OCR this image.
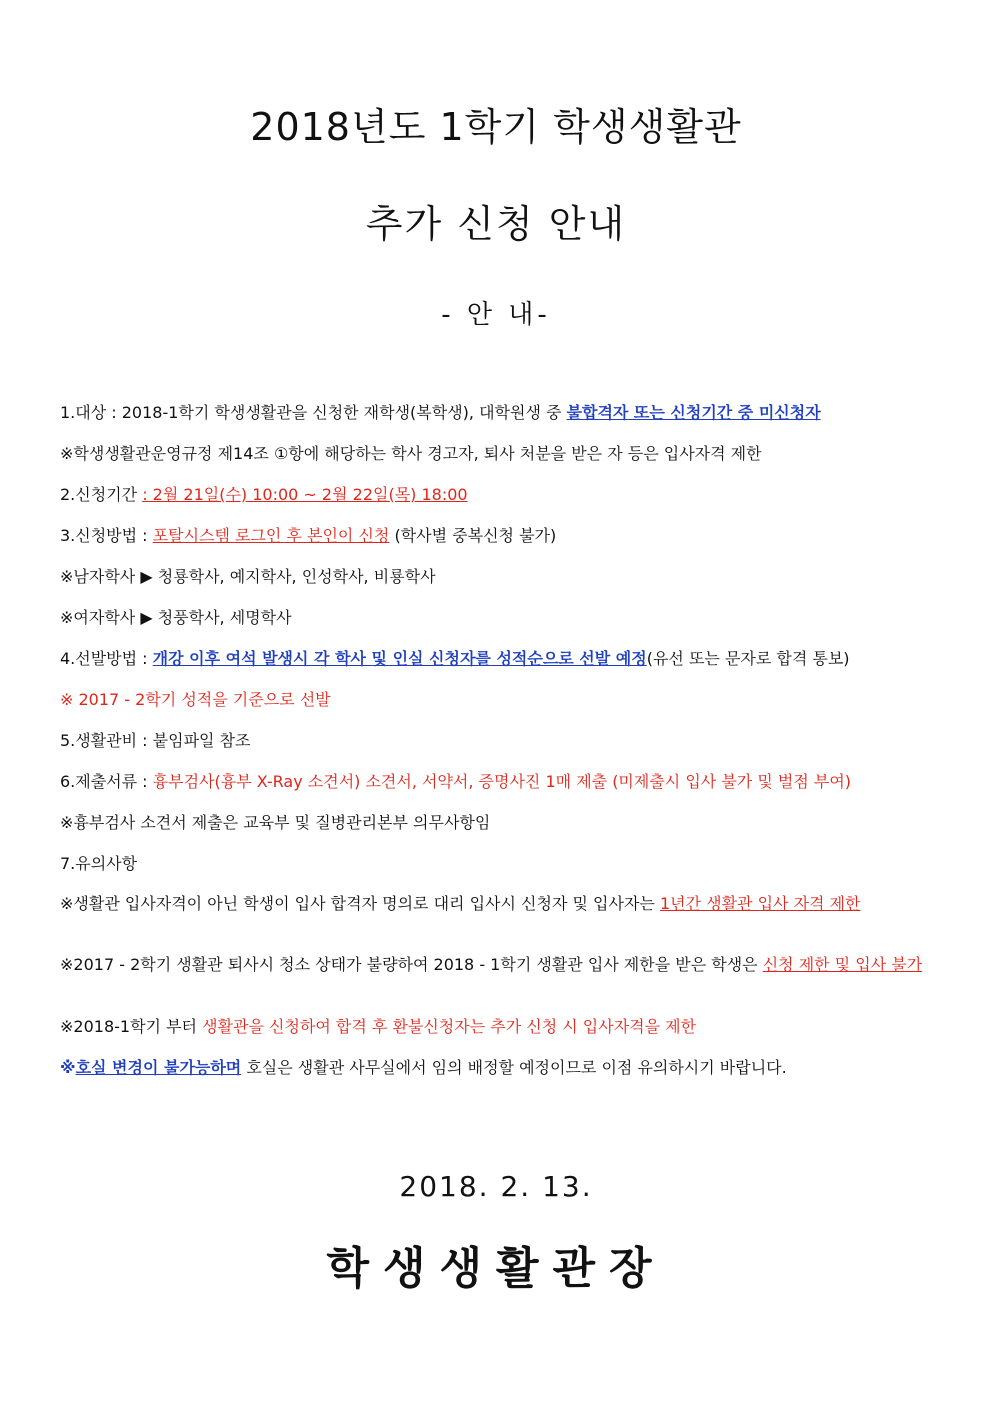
2018년도 1학기 학생생활관
추가 신청 안내
- 안 내-
1.대상 : 2018-1학기 학생생활관을 신청한 재학생(복학생), 대학원생 중 불합격자 또는 신청기간 중 미신청자
※학생생활관운영규정 제14조 ①항에 해당하는 학사 경고자, 퇴사 처분을 받은 자 등은 입사자격 제한
2.신청기간 : 2월 21일(수) 10:00 ~ 2월 22일(목) 18:00
3.신청방법 : 포탈시스템 로그인 후 본인이 신청 (학사별 중복신청 불가)
※남자학사 ▶ 청룡학사, 예지학사, 인성학사, 비룡학사
※여자학사 ▶ 청풍학사, 세명학사
4.선발방법 : 개강 이후 여석 발생시 각 학사 및 인실 신청자를 성적순으로 선발 예정(유선 또는 문자로 합격 통보)
※ 2017 - 2학기 성적을 기준으로 선발
5.생활관비 : 붙임파일 참조
6.제출서류 : 흉부검사(흉부 X-Ray 소견서) 소견서, 서약서, 증명사진 1매 제출 (미제출시 입사 불가 및 벌점 부여)
※흉부검사 소견서 제출은 교육부 및 질병관리본부 의무사항임
7.유의사항
※생활관 입사자격이 아닌 학생이 입사 합격자 명의로 대리 입사시 신청자 및 입사자는 1년간 생활관 입사 자격 제한
※2017 - 2학기 생활관 퇴사시 청소 상태가 불량하여 2018 - 1학기 생활관 입사 제한을 받은 학생은 신청 제한 및 입사 불가
※2018-1학기 부터 생활관을 신청하여 합격 후 환불신청자는 추가 신청 시 입사자격을 제한
※호실 변경이 불가능하며 호실은 생활관 사무실에서 임의 배정할 예정이므로 이점 유의하시기 바랍니다.
2018. 2. 13.
학생생활관장
